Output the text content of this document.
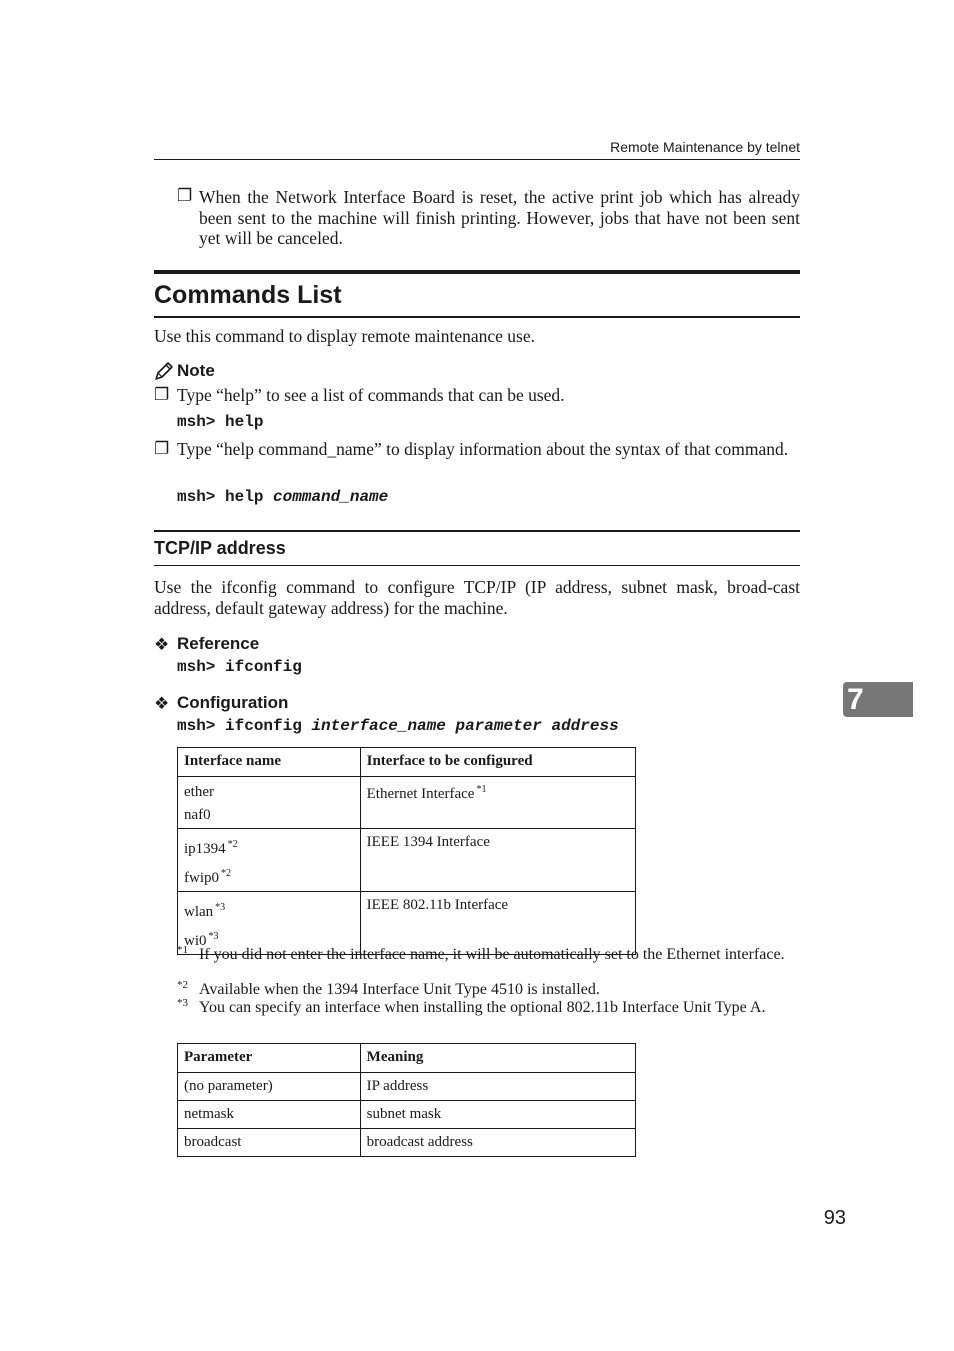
Remote Maintenance by telnet
❐ When the Network Interface Board is reset, the active print job which has already been sent to the machine will finish printing. However, jobs that have not been sent yet will be canceled.
Commands List
Use this command to display remote maintenance use.
Note
❐ Type “help” to see a list of commands that can be used.
msh> help
❐ Type “help command_name” to display information about the syntax of that command.
msh> help command_name
TCP/IP address
Use the ifconfig command to configure TCP/IP (IP address, subnet mask, broad-cast address, default gateway address) for the machine.
❖ Reference
msh> ifconfig
❖ Configuration
msh> ifconfig interface_name parameter address
Interface name	Interface to be configured

ether
naf0	Ethernet Interface $^{*1}$

ip1394 $^{*2}$
fwip0 $^{*2}$	IEEE 1394 Interface

wlan $^{*3}$
wi0 $^{*3}$	IEEE 802.11b Interface
*1 If you did not enter the interface name, it will be automatically set to the Ethernet interface.
*2 Available when the 1394 Interface Unit Type 4510 is installed.
*3 You can specify an interface when installing the optional 802.11b Interface Unit Type A.
Parameter	Meaning
(no parameter)	IP address
netmask	subnet mask
broadcast	broadcast address
7
93
